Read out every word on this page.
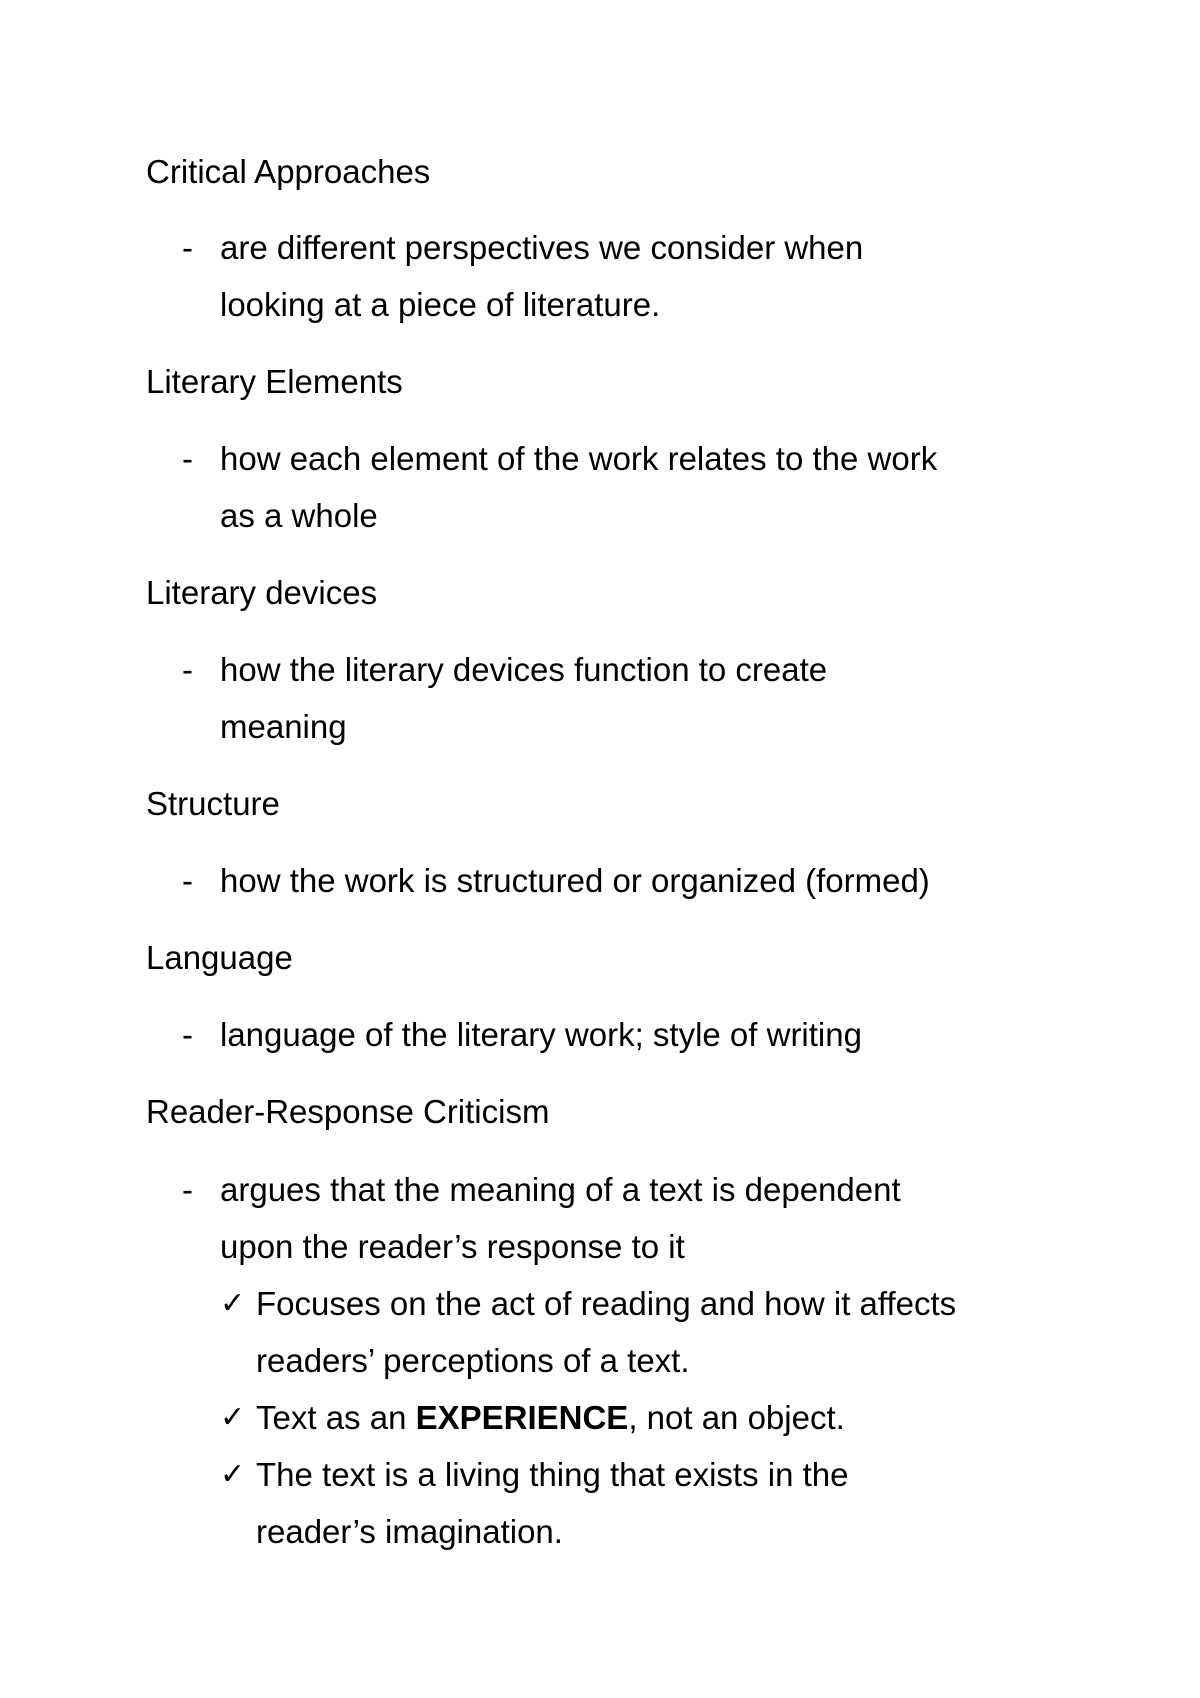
Critical Approaches
- are different perspectives we consider when
looking at a piece of literature.
Literary Elements
- how each element of the work relates to the work
as a whole
Literary devices
- how the literary devices function to create
meaning
Structure
- how the work is structured or organized (formed)
Language
- language of the literary work; style of writing
Reader-Response Criticism
- argues that the meaning of a text is dependent
upon the reader’s response to it
✓ Focuses on the act of reading and how it affects
readers’ perceptions of a text.
✓ Text as an EXPERIENCE, not an object.
✓ The text is a living thing that exists in the
reader’s imagination.
